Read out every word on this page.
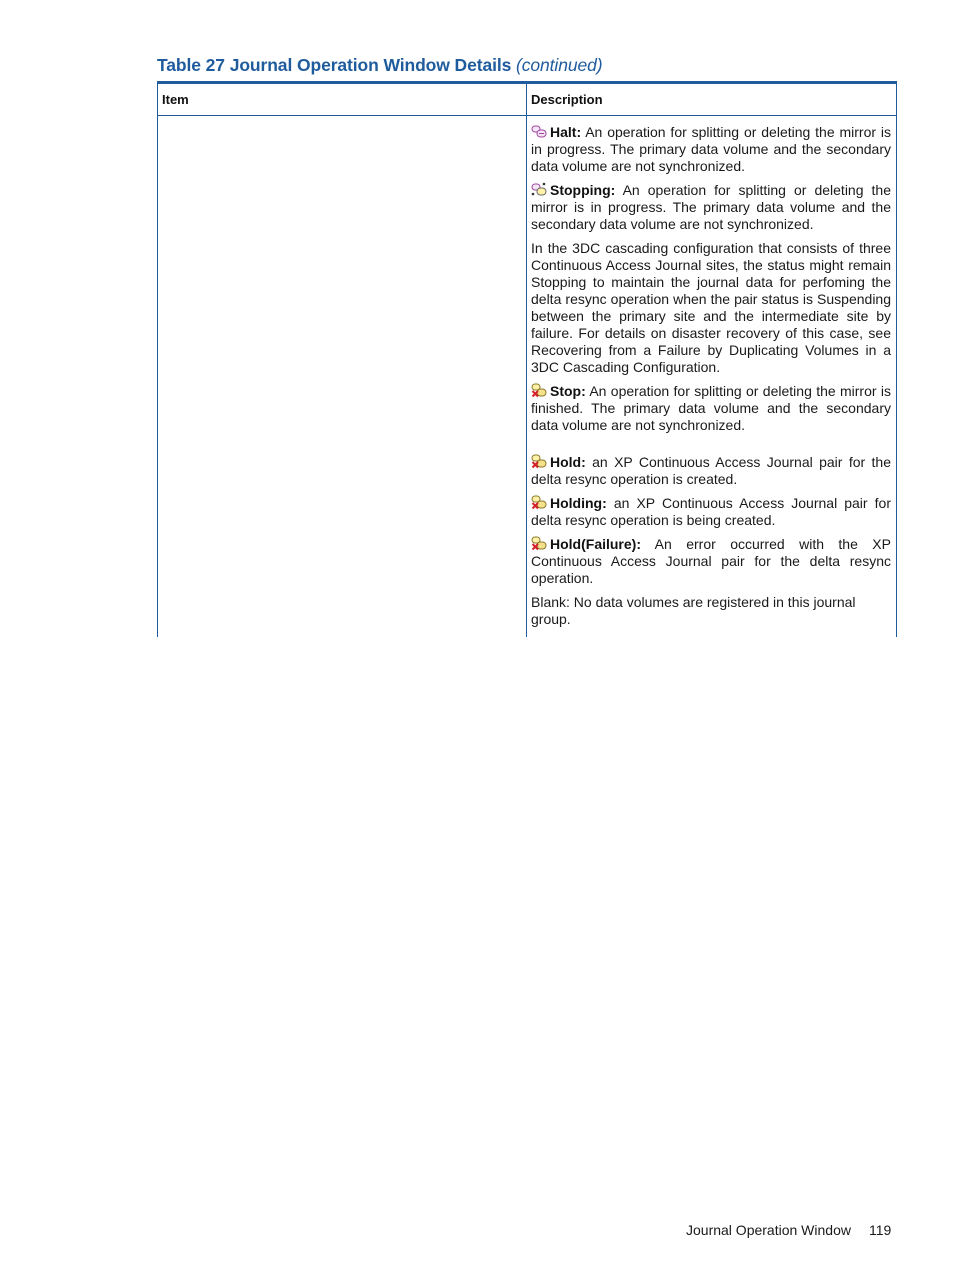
Table 27 Journal Operation Window Details (continued)
Item	Description

Halt: An operation for splitting or deleting the mirror is in progress. The primary data volume and the secondary data volume are not synchronized.

Stopping: An operation for splitting or deleting the mirror is in progress. The primary data volume and the secondary data volume are not synchronized.

In the 3DC cascading configuration that consists of three Continuous Access Journal sites, the status might remain Stopping to maintain the journal data for perfoming the delta resync operation when the pair status is Suspending between the primary site and the intermediate site by failure. For details on disaster recovery of this case, see Recovering from a Failure by Duplicating Volumes in a 3DC Cascading Configuration.

Stop: An operation for splitting or deleting the mirror is finished. The primary data volume and the secondary data volume are not synchronized.

Hold: an XP Continuous Access Journal pair for the delta resync operation is created.

Holding: an XP Continuous Access Journal pair for delta resync operation is being created.

Hold(Failure): An error occurred with the XP Continuous Access Journal pair for the delta resync operation.

Blank: No data volumes are registered in this journal group.

Journal Operation Window 119
